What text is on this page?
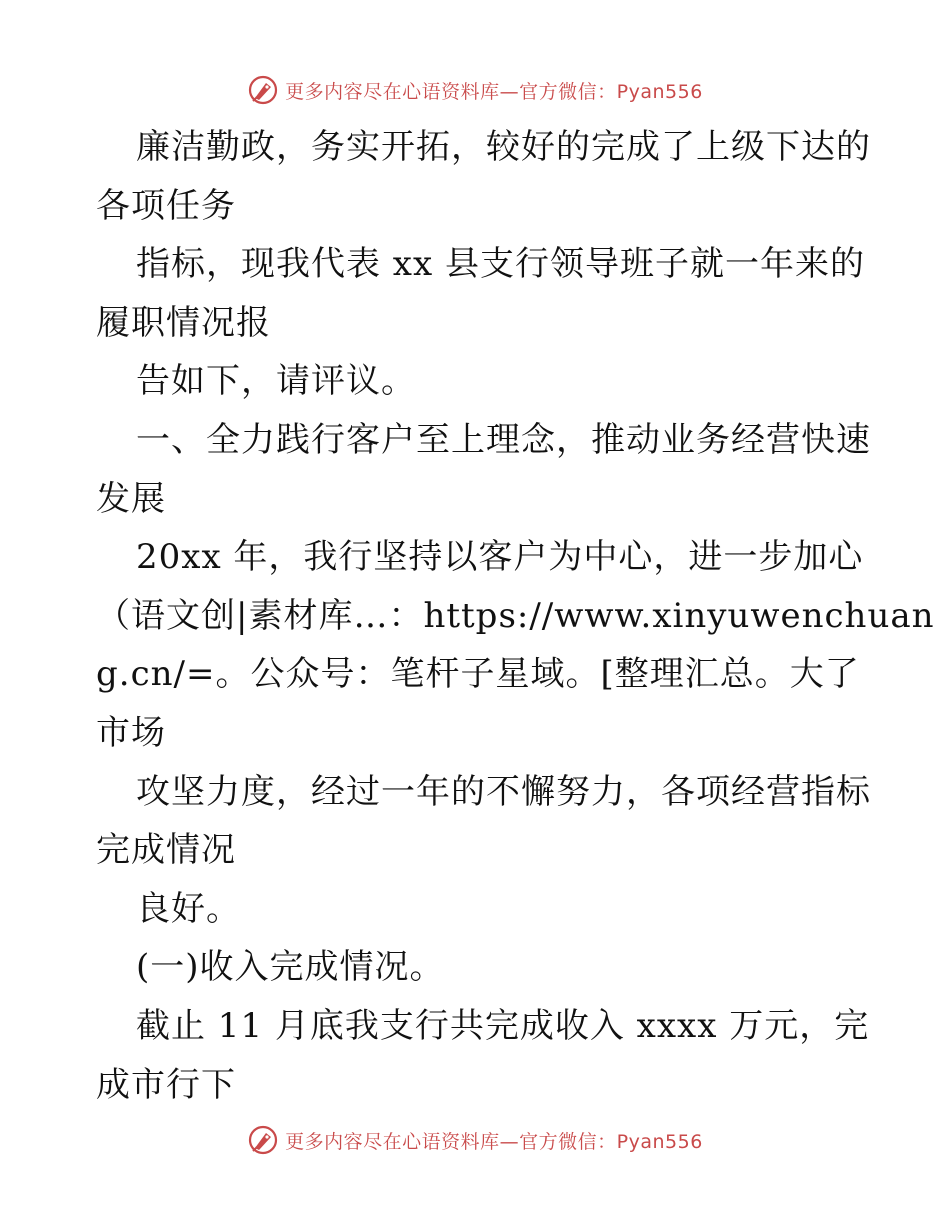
更多内容尽在心语资料库—官方微信：Pyan556
廉洁勤政，务实开拓，较好的完成了上级下达的
各项任务
指标，现我代表 xx 县支行领导班子就一年来的
履职情况报
告如下，请评议。
一、全力践行客户至上理念，推动业务经营快速
发展
20xx 年，我行坚持以客户为中心，进一步加心
（语文创|素材库…：https://www.xinyuwenchuan
g.cn/=。公众号：笔杆子星域。[整理汇总。大了
市场
攻坚力度，经过一年的不懈努力，各项经营指标
完成情况
良好。
(一)收入完成情况。
截止 11 月底我支行共完成收入 xxxx 万元，完
成市行下
更多内容尽在心语资料库—官方微信：Pyan556
